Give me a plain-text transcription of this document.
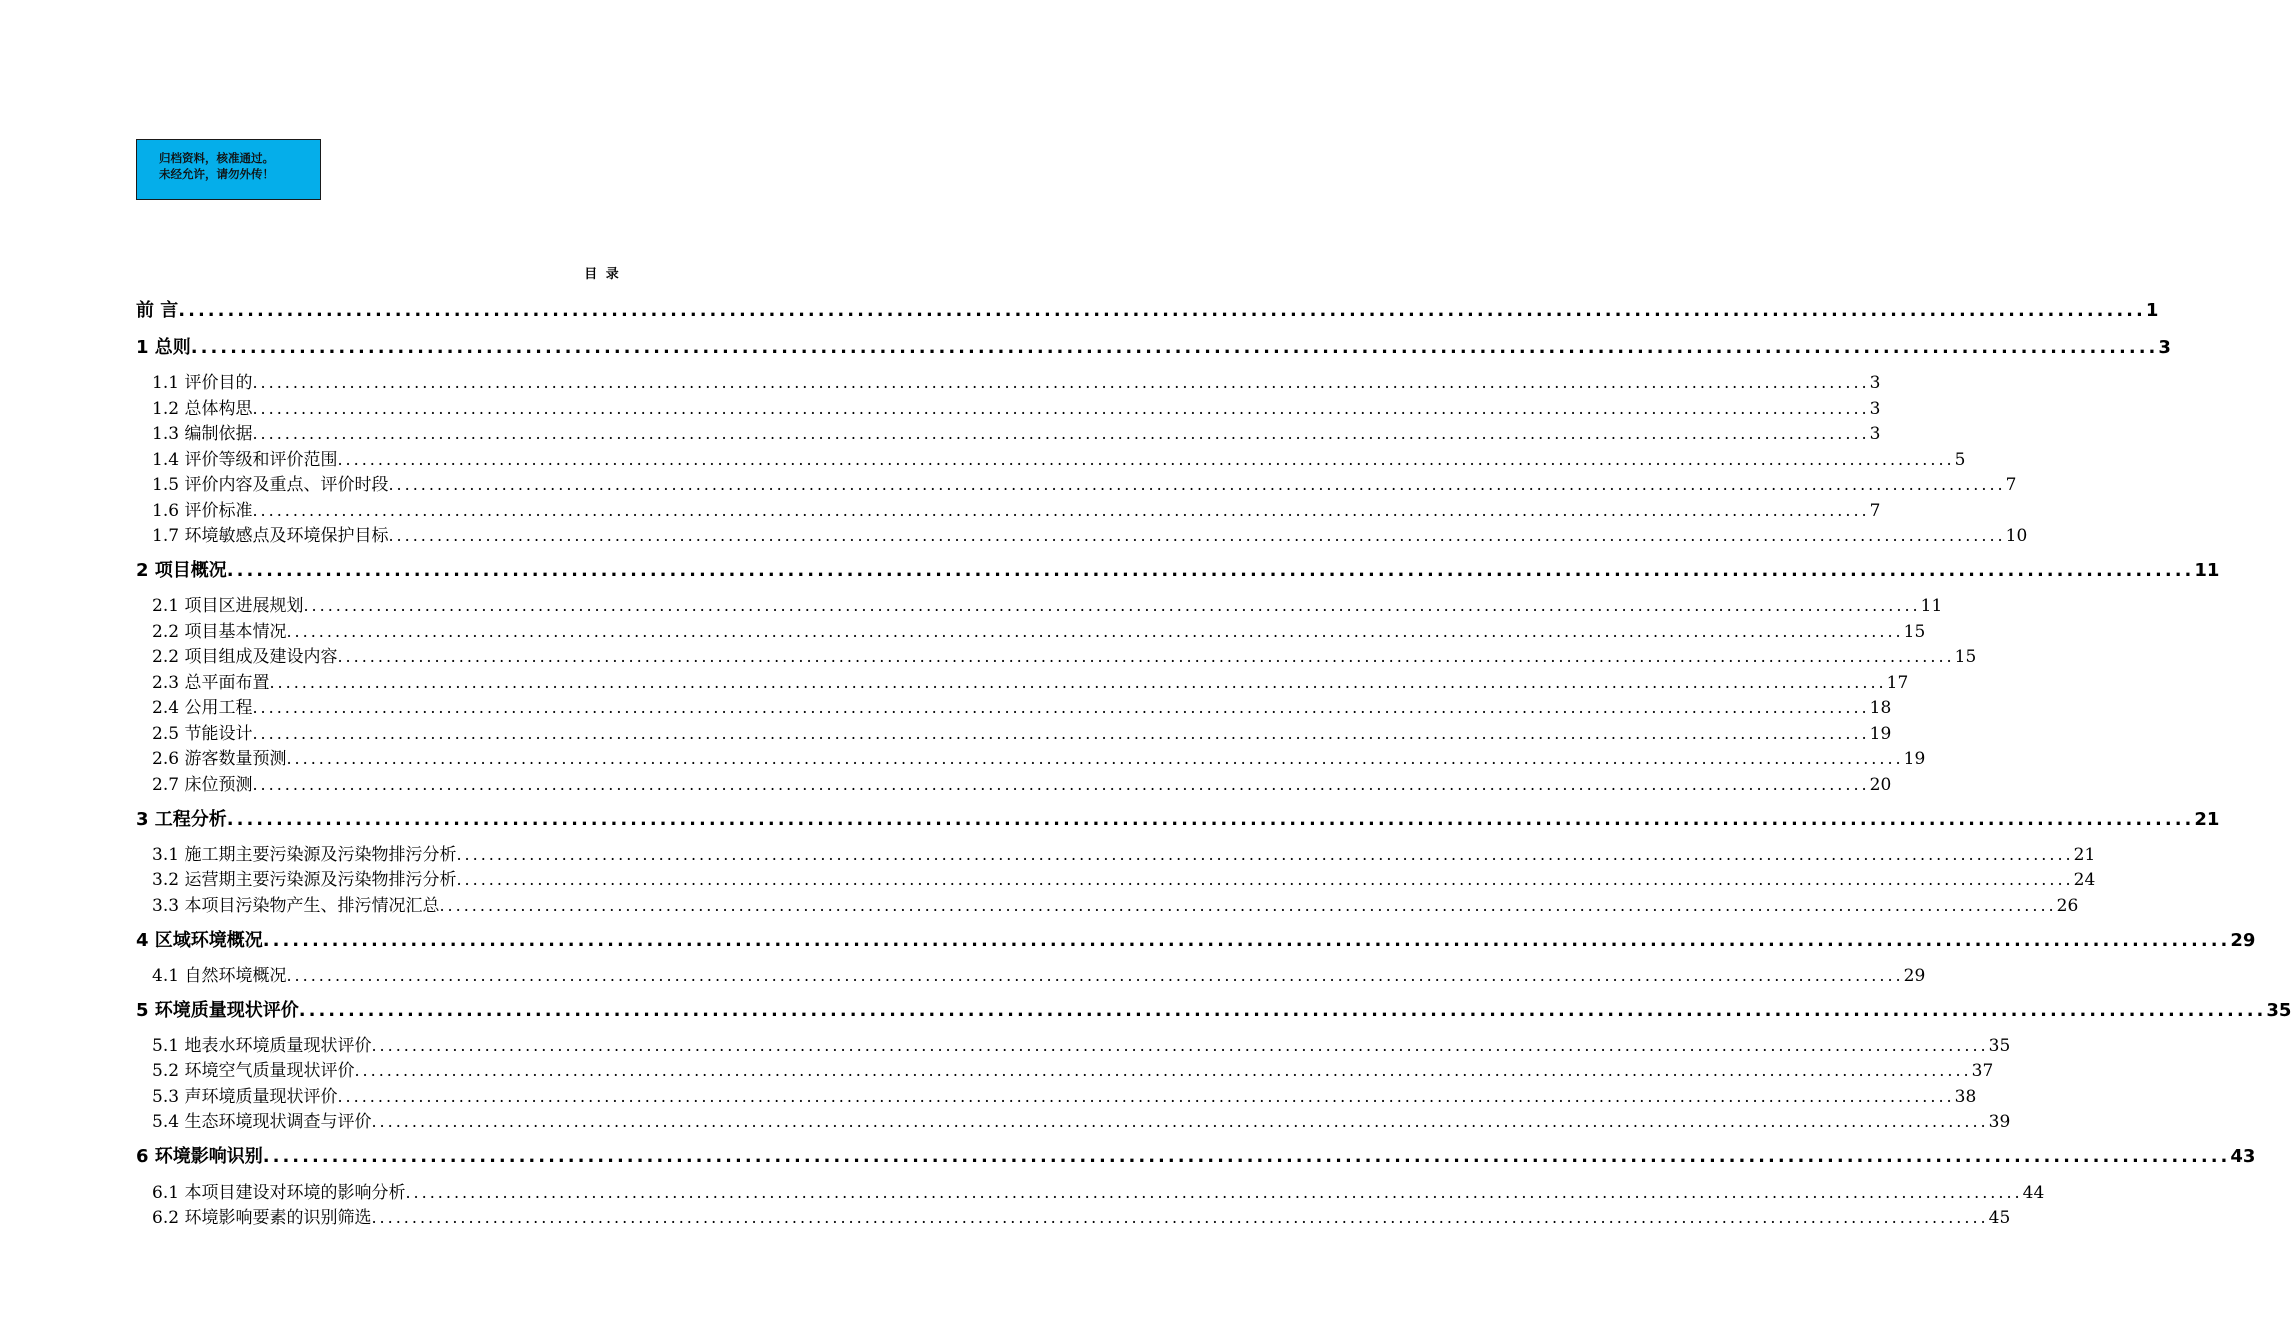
归档资料，核准通过。
未经允许，请勿外传！
目 录
前 言 ........................................................................................................................................................................................................ 1
1 总则 ........................................................................................................................................................................................................ 3
1.1 评价目的 ........................................................................................................................................................................................................ 3
1.2 总体构思 ........................................................................................................................................................................................................ 3
1.3 编制依据 ........................................................................................................................................................................................................ 3
1.4 评价等级和评价范围 ........................................................................................................................................................................................................ 5
1.5 评价内容及重点、评价时段 ........................................................................................................................................................................................................ 7
1.6 评价标准 ........................................................................................................................................................................................................ 7
1.7 环境敏感点及环境保护目标 ........................................................................................................................................................................................................ 10
2 项目概况 ........................................................................................................................................................................................................ 11
2.1 项目区进展规划 ........................................................................................................................................................................................................ 11
2.2 项目基本情况 ........................................................................................................................................................................................................ 15
2.2 项目组成及建设内容 ........................................................................................................................................................................................................ 15
2.3 总平面布置 ........................................................................................................................................................................................................ 17
2.4 公用工程 ........................................................................................................................................................................................................ 18
2.5 节能设计 ........................................................................................................................................................................................................ 19
2.6 游客数量预测 ........................................................................................................................................................................................................ 19
2.7 床位预测 ........................................................................................................................................................................................................ 20
3 工程分析 ........................................................................................................................................................................................................ 21
3.1 施工期主要污染源及污染物排污分析 ........................................................................................................................................................................................................ 21
3.2 运营期主要污染源及污染物排污分析 ........................................................................................................................................................................................................ 24
3.3 本项目污染物产生、排污情况汇总 ........................................................................................................................................................................................................ 26
4 区域环境概况 ........................................................................................................................................................................................................ 29
4.1 自然环境概况 ........................................................................................................................................................................................................ 29
5 环境质量现状评价 ........................................................................................................................................................................................................ 35
5.1 地表水环境质量现状评价 ........................................................................................................................................................................................................ 35
5.2 环境空气质量现状评价 ........................................................................................................................................................................................................ 37
5.3 声环境质量现状评价 ........................................................................................................................................................................................................ 38
5.4 生态环境现状调查与评价 ........................................................................................................................................................................................................ 39
6 环境影响识别 ........................................................................................................................................................................................................ 43
6.1 本项目建设对环境的影响分析 ........................................................................................................................................................................................................ 44
6.2 环境影响要素的识别筛选 ........................................................................................................................................................................................................ 45
